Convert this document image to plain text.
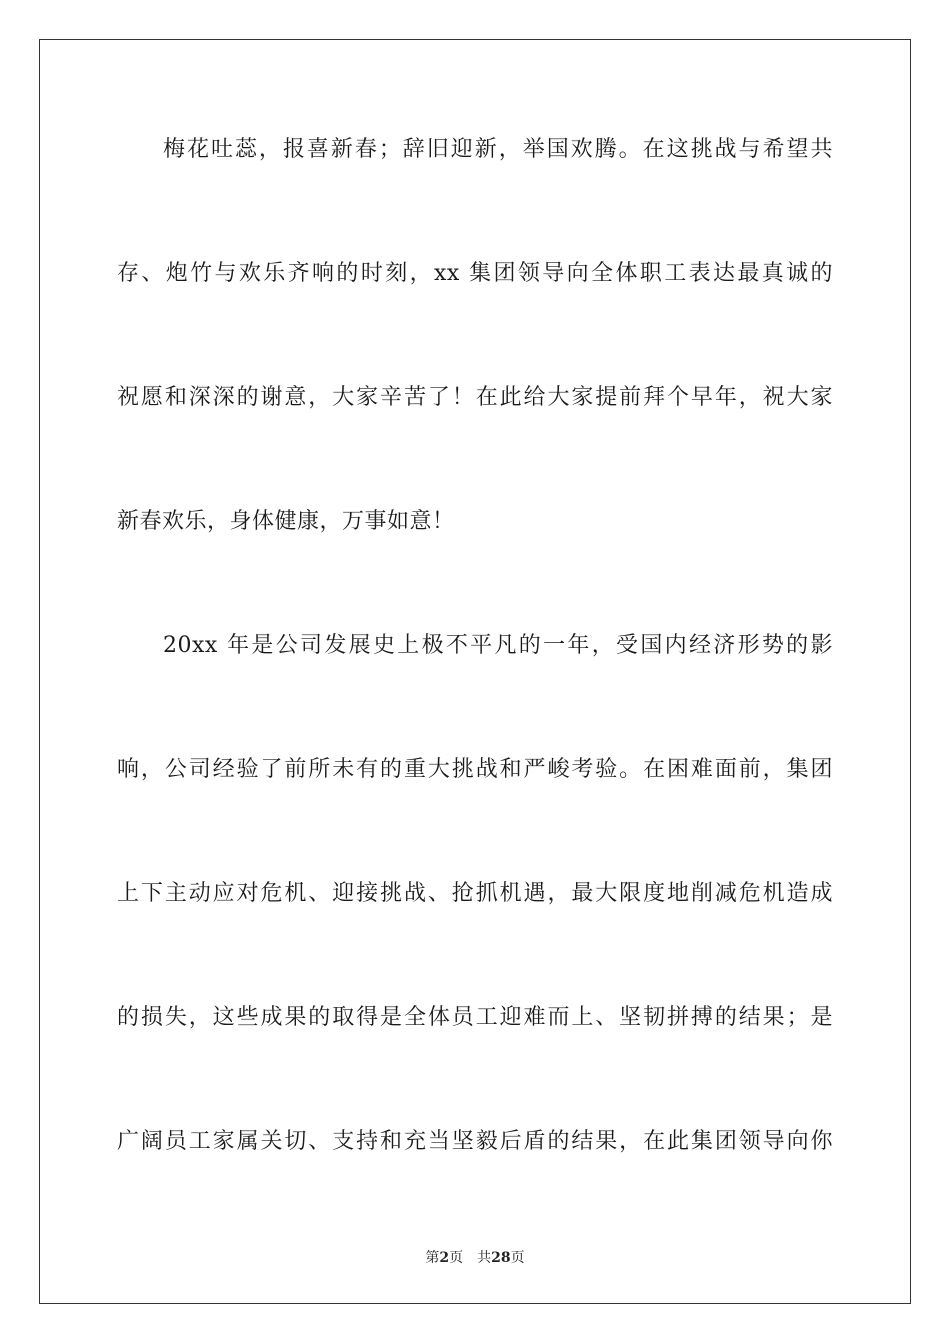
梅花吐蕊，报喜新春；辞旧迎新，举国欢腾。在这挑战与希望共
存、炮竹与欢乐齐响的时刻，xx 集团领导向全体职工表达最真诚的
祝愿和深深的谢意，大家辛苦了！在此给大家提前拜个早年，祝大家
新春欢乐，身体健康，万事如意！
20xx 年是公司发展史上极不平凡的一年，受国内经济形势的影
响，公司经验了前所未有的重大挑战和严峻考验。在困难面前，集团
上下主动应对危机、迎接挑战、抢抓机遇，最大限度地削减危机造成
的损失，这些成果的取得是全体员工迎难而上、坚韧拼搏的结果；是
广阔员工家属关切、支持和充当坚毅后盾的结果，在此集团领导向你
第2页 共28页
